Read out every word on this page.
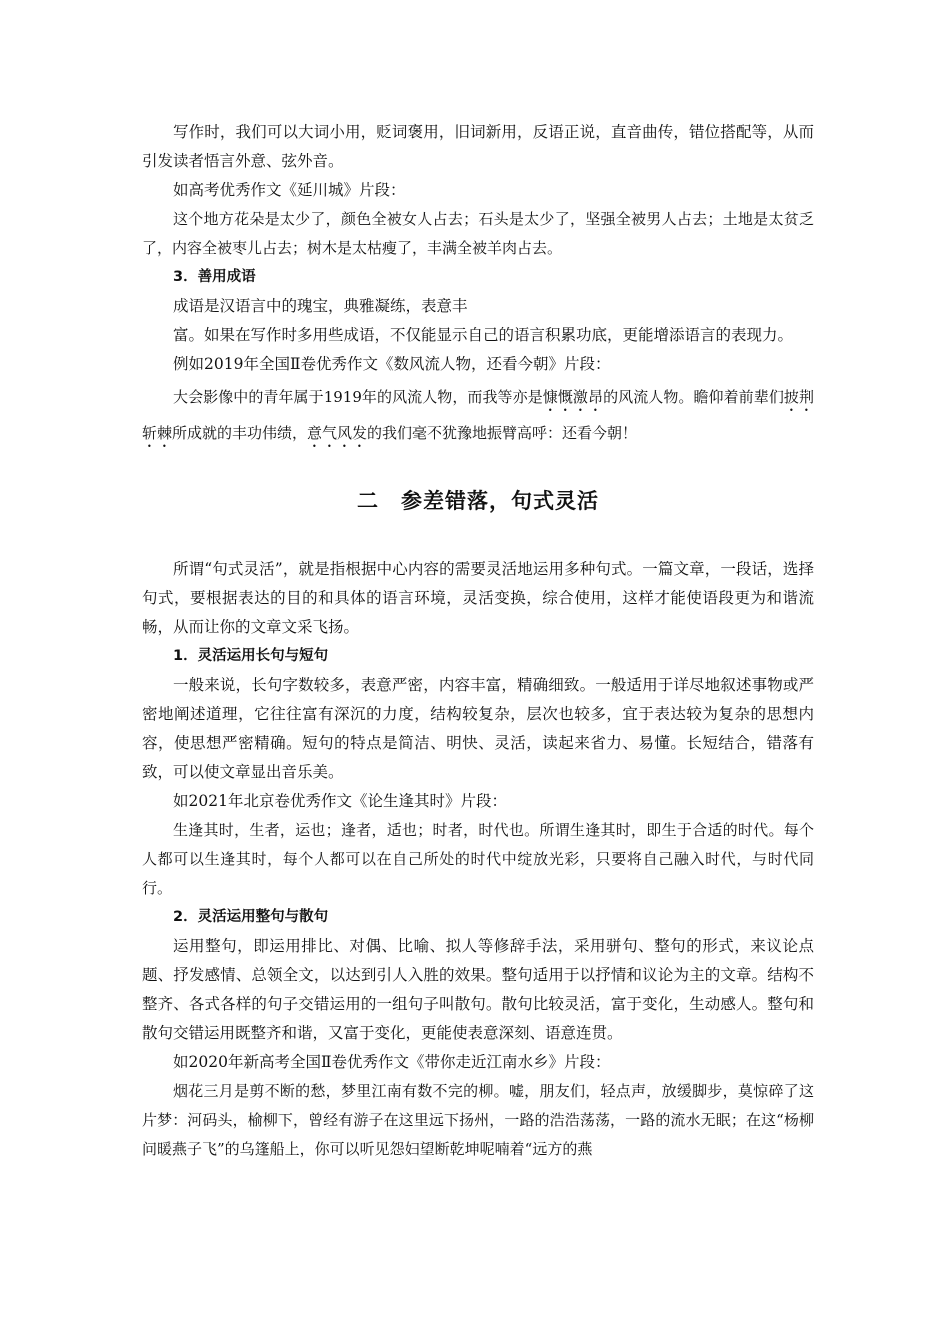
写作时，我们可以大词小用，贬词褒用，旧词新用，反语正说，直音曲传，错位搭配等，从而引发读者悟言外意、弦外音。

如高考优秀作文《延川城》片段：

这个地方花朵是太少了，颜色全被女人占去；石头是太少了，坚强全被男人占去；土地是太贫乏了，内容全被枣儿占去；树木是太枯瘦了，丰满全被羊肉占去。

3．善用成语

成语是汉语言中的瑰宝，典雅凝练，表意丰

富。如果在写作时多用些成语，不仅能显示自己的语言积累功底，更能增添语言的表现力。

例如2019年全国Ⅱ卷优秀作文《数风流人物，还看今朝》片段：

大会影像中的青年属于1919年的风流人物，而我等亦是慷慨激昂的风流人物。瞻仰着前辈们披荆斩棘所成就的丰功伟绩，意气风发的我们毫不犹豫地振臂高呼：还看今朝！

二　参差错落，句式灵活

所谓“句式灵活”，就是指根据中心内容的需要灵活地运用多种句式。一篇文章，一段话，选择句式，要根据表达的目的和具体的语言环境，灵活变换，综合使用，这样才能使语段更为和谐流畅，从而让你的文章文采飞扬。

1．灵活运用长句与短句

一般来说，长句字数较多，表意严密，内容丰富，精确细致。一般适用于详尽地叙述事物或严密地阐述道理，它往往富有深沉的力度，结构较复杂，层次也较多，宜于表达较为复杂的思想内容，使思想严密精确。短句的特点是简洁、明快、灵活，读起来省力、易懂。长短结合，错落有致，可以使文章显出音乐美。

如2021年北京卷优秀作文《论生逢其时》片段：

生逢其时，生者，运也；逢者，适也；时者，时代也。所谓生逢其时，即生于合适的时代。每个人都可以生逢其时，每个人都可以在自己所处的时代中绽放光彩，只要将自己融入时代，与时代同行。

2．灵活运用整句与散句

运用整句，即运用排比、对偶、比喻、拟人等修辞手法，采用骈句、整句的形式，来议论点题、抒发感情、总领全文，以达到引人入胜的效果。整句适用于以抒情和议论为主的文章。结构不整齐、各式各样的句子交错运用的一组句子叫散句。散句比较灵活，富于变化，生动感人。整句和散句交错运用既整齐和谐，又富于变化，更能使表意深刻、语意连贯。

如2020年新高考全国Ⅱ卷优秀作文《带你走近江南水乡》片段：

烟花三月是剪不断的愁，梦里江南有数不完的柳。嘘，朋友们，轻点声，放缓脚步，莫惊碎了这片梦：河码头，榆柳下，曾经有游子在这里远下扬州，一路的浩浩荡荡，一路的流水无眠；在这“杨柳问暖燕子飞”的乌篷船上，你可以听见怨妇望断乾坤呢喃着“远方的燕
